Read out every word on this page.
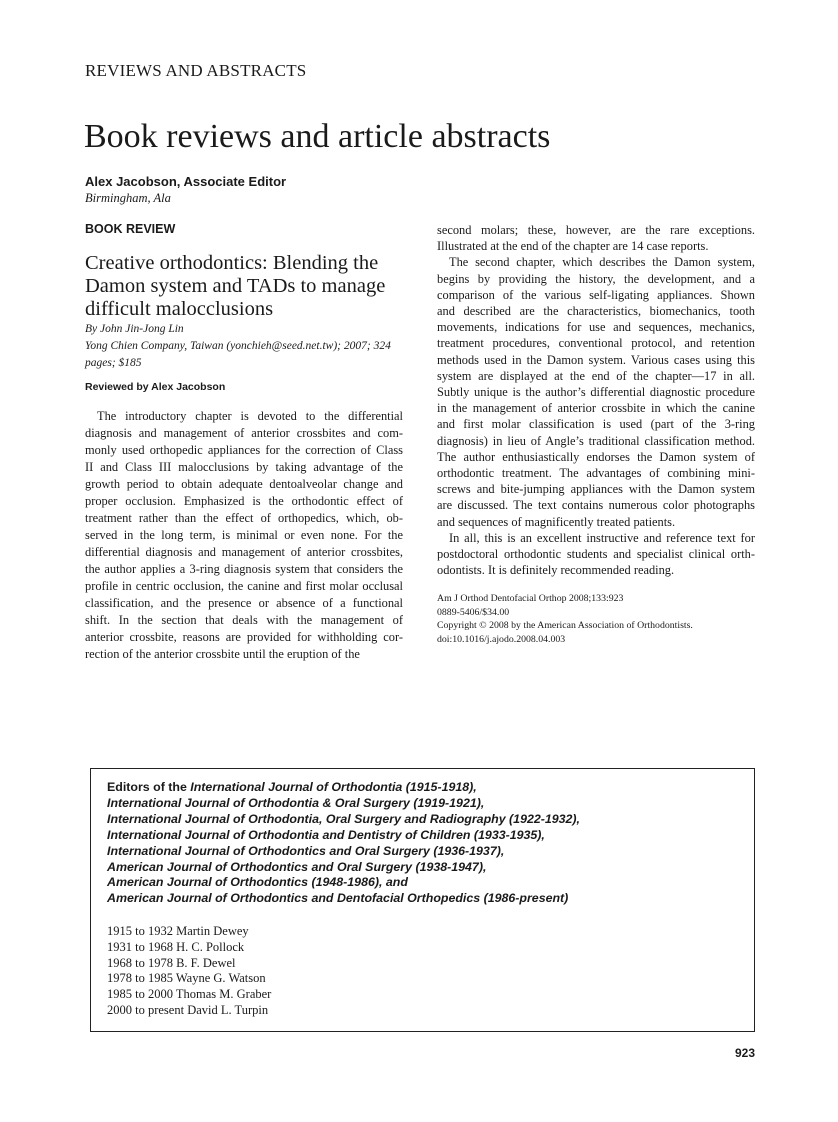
REVIEWS AND ABSTRACTS
Book reviews and article abstracts
Alex Jacobson, Associate Editor
Birmingham, Ala
BOOK REVIEW
Creative orthodontics: Blending the Damon system and TADs to manage difficult malocclusions
By John Jin-Jong Lin
Yong Chien Company, Taiwan (yonchieh@seed.net.tw); 2007; 324
pages; $185
Reviewed by Alex Jacobson
The introductory chapter is devoted to the differential
diagnosis and management of anterior crossbites and com-
monly used orthopedic appliances for the correction of Class
II and Class III malocclusions by taking advantage of the
growth period to obtain adequate dentoalveolar change and
proper occlusion. Emphasized is the orthodontic effect of
treatment rather than the effect of orthopedics, which, ob-
served in the long term, is minimal or even none. For the
differential diagnosis and management of anterior crossbites,
the author applies a 3-ring diagnosis system that considers the
profile in centric occlusion, the canine and first molar occlusal
classification, and the presence or absence of a functional
shift. In the section that deals with the management of
anterior crossbite, reasons are provided for withholding cor-
rection of the anterior crossbite until the eruption of the
second molars; these, however, are the rare exceptions.
Illustrated at the end of the chapter are 14 case reports.
The second chapter, which describes the Damon system,
begins by providing the history, the development, and a
comparison of the various self-ligating appliances. Shown
and described are the characteristics, biomechanics, tooth
movements, indications for use and sequences, mechanics,
treatment procedures, conventional protocol, and retention
methods used in the Damon system. Various cases using this
system are displayed at the end of the chapter—17 in all.
Subtly unique is the author’s differential diagnostic procedure
in the management of anterior crossbite in which the canine
and first molar classification is used (part of the 3-ring
diagnosis) in lieu of Angle’s traditional classification method.
The author enthusiastically endorses the Damon system of
orthodontic treatment. The advantages of combining mini-
screws and bite-jumping appliances with the Damon system
are discussed. The text contains numerous color photographs
and sequences of magnificently treated patients.
In all, this is an excellent instructive and reference text for
postdoctoral orthodontic students and specialist clinical orth-
odontists. It is definitely recommended reading.
Am J Orthod Dentofacial Orthop 2008;133:923
0889-5406/$34.00
Copyright © 2008 by the American Association of Orthodontists.
doi:10.1016/j.ajodo.2008.04.003
Editors of the International Journal of Orthodontia (1915-1918),
International Journal of Orthodontia & Oral Surgery (1919-1921),
International Journal of Orthodontia, Oral Surgery and Radiography (1922-1932),
International Journal of Orthodontia and Dentistry of Children (1933-1935),
International Journal of Orthodontics and Oral Surgery (1936-1937),
American Journal of Orthodontics and Oral Surgery (1938-1947),
American Journal of Orthodontics (1948-1986), and
American Journal of Orthodontics and Dentofacial Orthopedics (1986-present)
1915 to 1932 Martin Dewey
1931 to 1968 H. C. Pollock
1968 to 1978 B. F. Dewel
1978 to 1985 Wayne G. Watson
1985 to 2000 Thomas M. Graber
2000 to present David L. Turpin
923
